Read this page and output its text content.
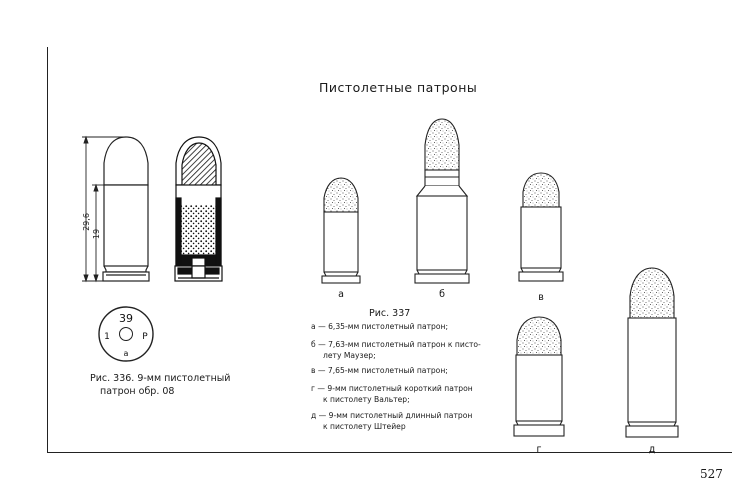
29,6
19
39
1	P
a
а	б	в
г	д
Пистолетные патроны
Рис. 336. 9-мм пистолетный
патрон обр. 08
Рис. 337
а — 6,35-мм пистолетный патрон;
б — 7,63-мм пистолетный патрон к писто-
лету Маузер;
в — 7,65-мм пистолетный патрон;
г — 9-мм пистолетный короткий патрон
к пистолету Вальтер;
д — 9-мм пистолетный длинный патрон
к пистолету Штейер
527
